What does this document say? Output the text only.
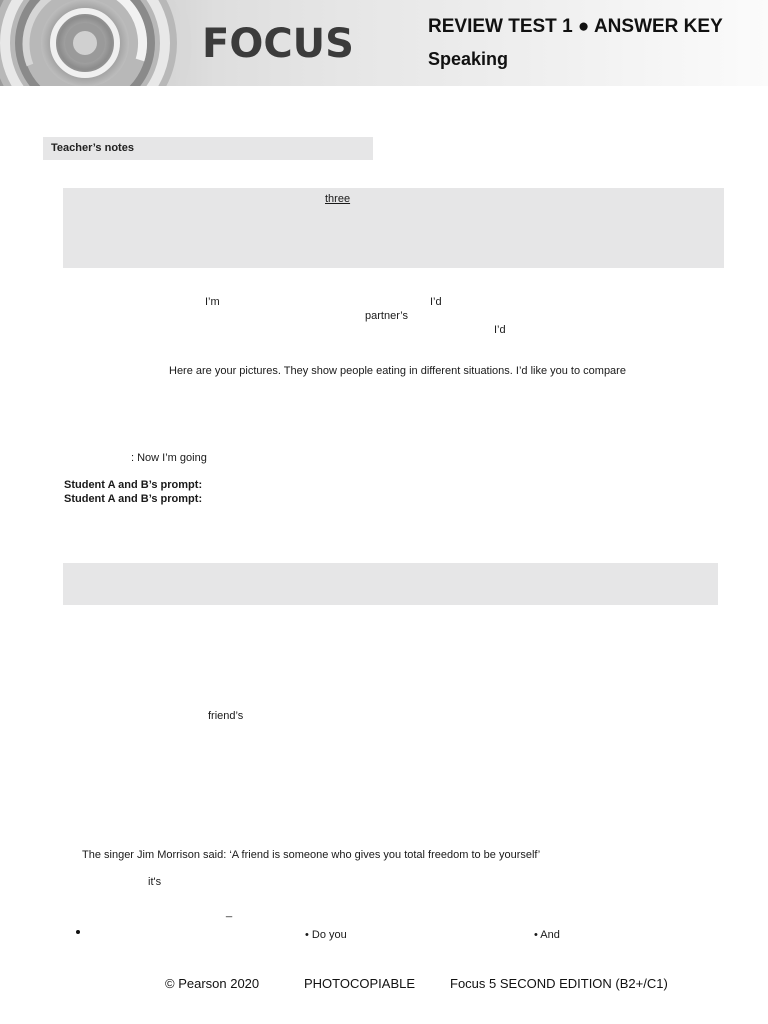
FOCUS	REVIEW TEST 1 ● ANSWER KEY
Speaking
Teacher’s notes
three
I’m	I’d
partner’s
I’d
Here are your pictures. They show people eating in different situations. I’d like you to compare
: Now I’m going
Student A and B’s prompt:
Student A and B’s prompt:
friend’s
The singer Jim Morrison said: ‘A friend is someone who gives you total freedom to be yourself’
it's
_
• Do you	• And
© Pearson 2020	PHOTOCOPIABLE	Focus 5 SECOND EDITION (B2+/C1)
